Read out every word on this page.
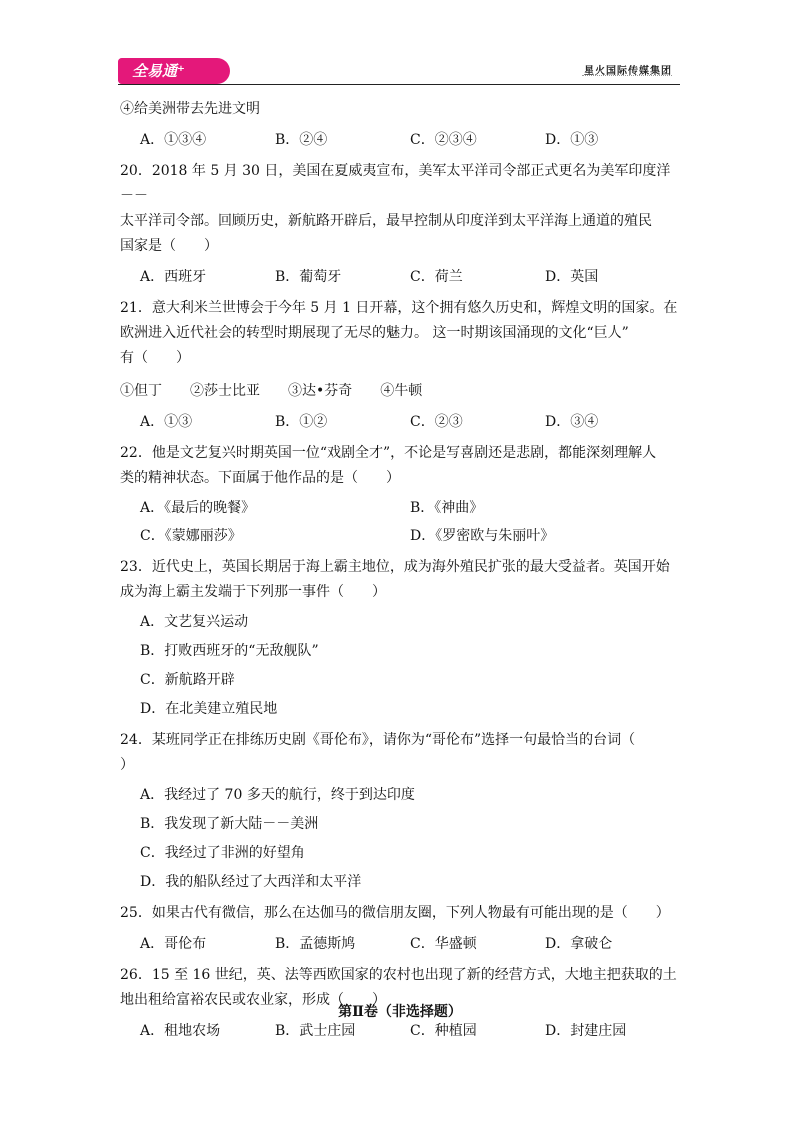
全易通⁺	星火国际传媒集团

④给美洲带去先进文明

A．①③④	B．②④	C．②③④	D．①③

20．2018 年 5 月 30 日，美国在夏威夷宣布，美军太平洋司令部正式更名为美军印度洋－－

太平洋司令部。回顾历史，新航路开辟后，最早控制从印度洋到太平洋海上通道的殖民

国家是（　　）

A．西班牙	B．葡萄牙	C．荷兰	D．英国

21．意大利米兰世博会于今年 5 月 1 日开幕，这个拥有悠久历史和，辉煌文明的国家。在

欧洲进入近代社会的转型时期展现了无尽的魅力。 这一时期该国涌现的文化“巨人”

有（　　）

①但丁　　②莎士比亚　　③达•芬奇　　④牛顿

A．①③	B．①②	C．②③	D．③④

22．他是文艺复兴时期英国一位“戏剧全才”，不论是写喜剧还是悲剧，都能深刻理解人

类的精神状态。下面属于他作品的是（　　）

A．《最后的晚餐》	B．《神曲》
C．《蒙娜丽莎》	D．《罗密欧与朱丽叶》

23．近代史上，英国长期居于海上霸主地位，成为海外殖民扩张的最大受益者。英国开始

成为海上霸主发端于下列那一事件（　　）

A．文艺复兴运动
B．打败西班牙的“无敌舰队”
C．新航路开辟
D．在北美建立殖民地

24．某班同学正在排练历史剧《哥伦布》，请你为“哥伦布”选择一句最恰当的台词（

）

A．我经过了 70 多天的航行，终于到达印度
B．我发现了新大陆－－美洲
C．我经过了非洲的好望角
D．我的船队经过了大西洋和太平洋

25．如果古代有微信，那么在达伽马的微信朋友圈，下列人物最有可能出现的是（　　）

A．哥伦布	B．孟德斯鸠	C．华盛顿	D．拿破仑

26．15 至 16 世纪，英、法等西欧国家的农村也出现了新的经营方式，大地主把获取的土

地出租给富裕农民或农业家，形成（　　）

A．租地农场	B．武士庄园	C．种植园	D．封建庄园
第Ⅱ卷（非选择题）
